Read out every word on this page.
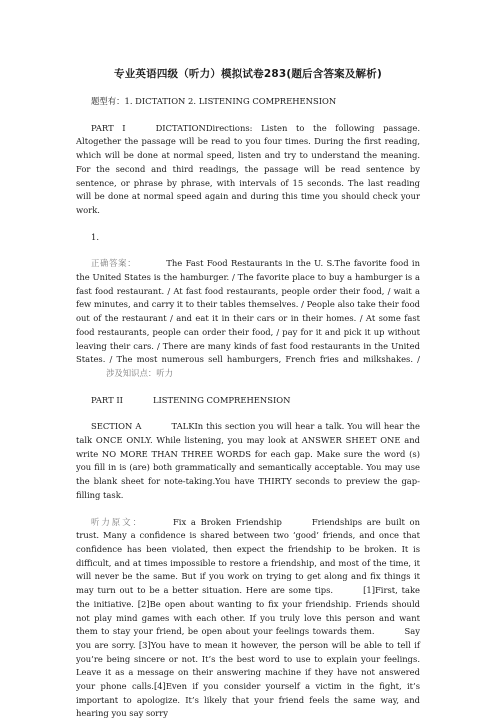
专业英语四级（听力）模拟试卷283(题后含答案及解析)

题型有：1. DICTATION 2. LISTENING COMPREHENSION

PART I	DICTATIONDirections: Listen to the following passage. Altogether the passage will be read to you four times. During the first reading, which will be done at normal speed, listen and try to understand the meaning. For the second and third readings, the passage will be read sentence by sentence, or phrase by phrase, with intervals of 15 seconds. The last reading will be done at normal speed again and during this time you should check your work.

1.

正确答案：	The Fast Food Restaurants in the U. S.The favorite food in the United States is the hamburger. / The favorite place to buy a hamburger is a fast food restaurant. / At fast food restaurants, people order their food, / wait a few minutes, and carry it to their tables themselves. / People also take their food out of the restaurant / and eat it in their cars or in their homes. / At some fast food restaurants, people can order their food, / pay for it and pick it up without leaving their cars. / There are many kinds of fast food restaurants in the United States. / The most numerous sell hamburgers, French fries and milkshakes. /涉及知识点：听力

PART II	LISTENING COMPREHENSION

SECTION A	TALKIn this section you will hear a talk. You will hear the talk ONCE ONLY. While listening, you may look at ANSWER SHEET ONE and write NO MORE THAN THREE WORDS for each gap. Make sure the word (s) you fill in is (are) both grammatically and semantically acceptable. You may use the blank sheet for note-taking.You have THIRTY seconds to preview the gap-filling task.

听力原文：	Fix a Broken Friendship	Friendships are built on trust. Many a confidence is shared between two ‘good’ friends, and once that confidence has been violated, then expect the friendship to be broken. It is difficult, and at times impossible to restore a friendship, and most of the time, it will never be the same. But if you work on trying to get along and fix things it may turn out to be a better situation. Here are some tips.	[1]First, take the initiative. [2]Be open about wanting to fix your friendship. Friends should not play mind games with each other. If you truly love this person and want them to stay your friend, be open about your feelings towards them.	Say you are sorry. [3]You have to mean it however, the person will be able to tell if you’re being sincere or not. It’s the best word to use to explain your feelings. Leave it as a message on their answering machine if they have not answered your phone calls.[4]Even if you consider yourself a victim in the fight, it’s important to apologize. It’s likely that your friend feels the same way, and hearing you say sorry
